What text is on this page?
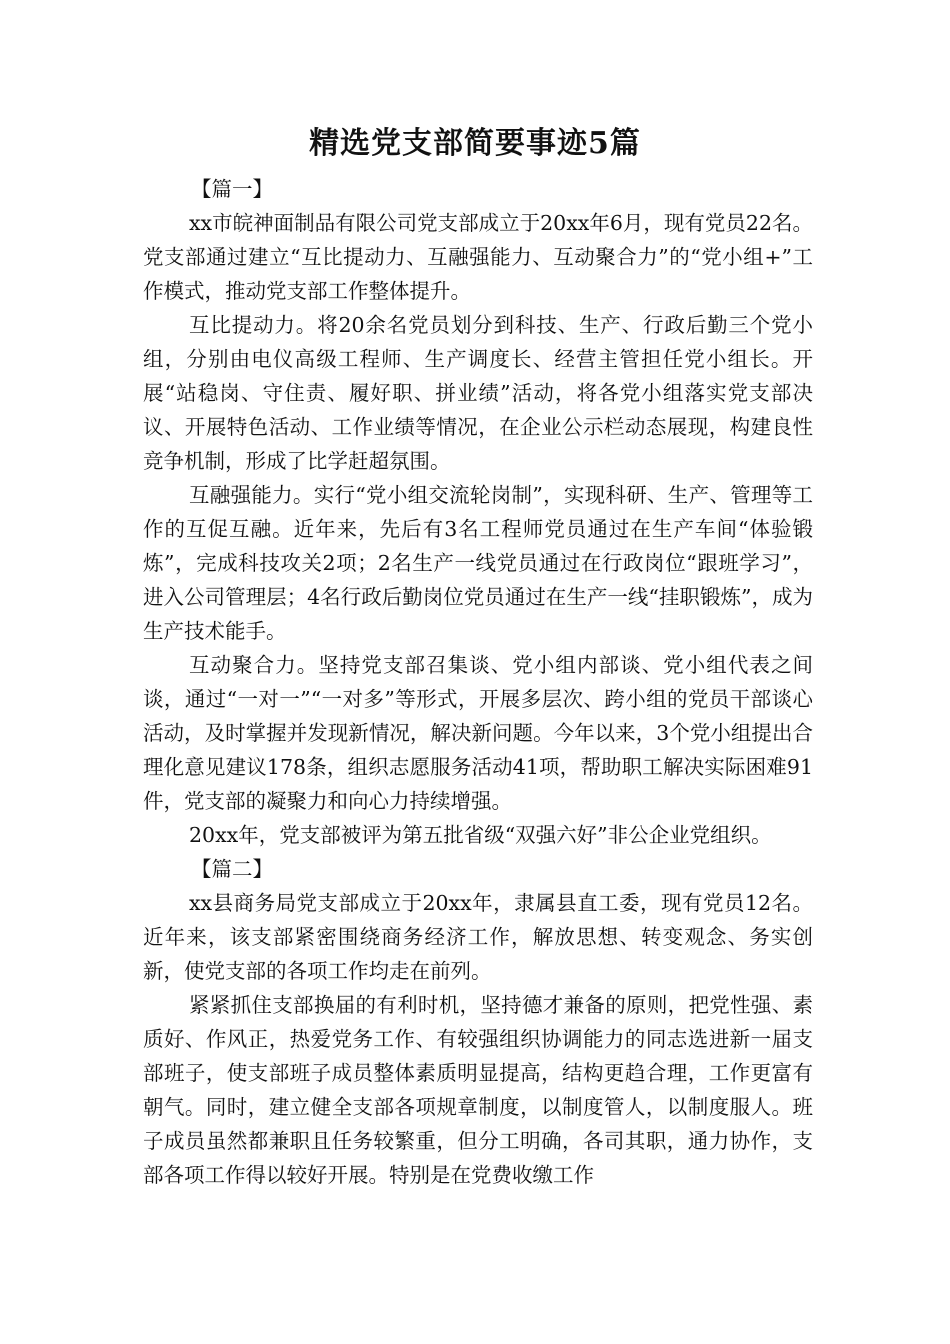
精选党支部简要事迹5篇

【篇一】

xx市皖神面制品有限公司党支部成立于20xx年6月，现有党员22名。党支部通过建立“互比提动力、互融强能力、互动聚合力”的“党小组+”工作模式，推动党支部工作整体提升。

互比提动力。将20余名党员划分到科技、生产、行政后勤三个党小组，分别由电仪高级工程师、生产调度长、经营主管担任党小组长。开展“站稳岗、守住责、履好职、拼业绩”活动，将各党小组落实党支部决议、开展特色活动、工作业绩等情况，在企业公示栏动态展现，构建良性竞争机制，形成了比学赶超氛围。

互融强能力。实行“党小组交流轮岗制”，实现科研、生产、管理等工作的互促互融。近年来，先后有3名工程师党员通过在生产车间“体验锻炼”，完成科技攻关2项；2名生产一线党员通过在行政岗位“跟班学习”，进入公司管理层；4名行政后勤岗位党员通过在生产一线“挂职锻炼”，成为生产技术能手。

互动聚合力。坚持党支部召集谈、党小组内部谈、党小组代表之间谈，通过“一对一”“一对多”等形式，开展多层次、跨小组的党员干部谈心活动，及时掌握并发现新情况，解决新问题。今年以来，3个党小组提出合理化意见建议178条，组织志愿服务活动41项，帮助职工解决实际困难91件，党支部的凝聚力和向心力持续增强。

20xx年，党支部被评为第五批省级“双强六好”非公企业党组织。

【篇二】

xx县商务局党支部成立于20xx年，隶属县直工委，现有党员12名。近年来，该支部紧密围绕商务经济工作，解放思想、转变观念、务实创新，使党支部的各项工作均走在前列。

紧紧抓住支部换届的有利时机，坚持德才兼备的原则，把党性强、素质好、作风正，热爱党务工作、有较强组织协调能力的同志选进新一届支部班子，使支部班子成员整体素质明显提高，结构更趋合理，工作更富有朝气。同时，建立健全支部各项规章制度，以制度管人，以制度服人。班子成员虽然都兼职且任务较繁重，但分工明确，各司其职，通力协作，支部各项工作得以较好开展。特别是在党费收缴工作
